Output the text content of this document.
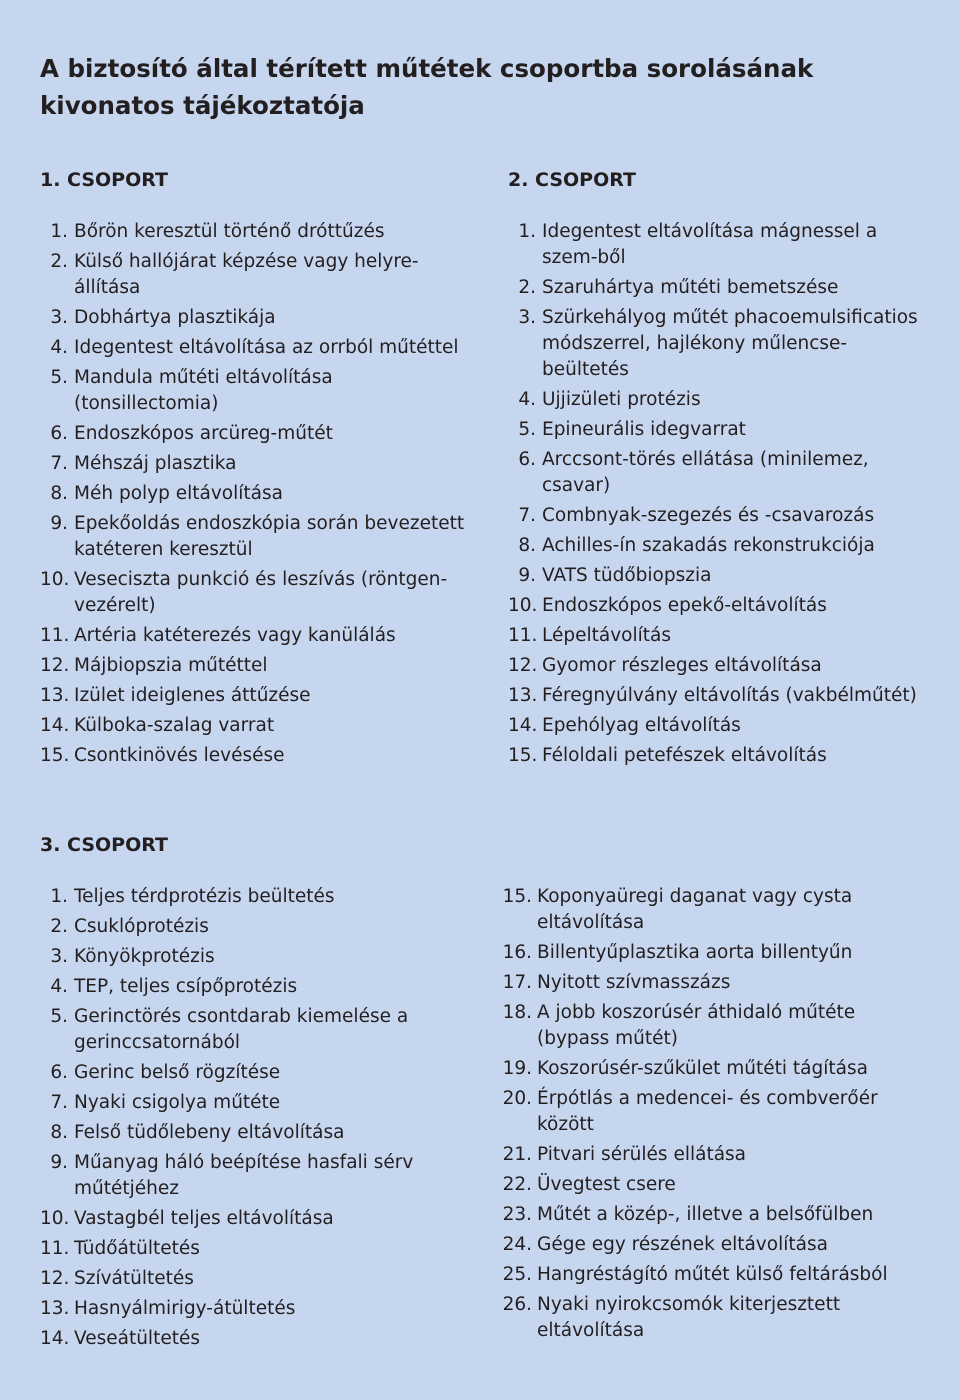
A biztosító által térített műtétek csoportba sorolásának
kivonatos tájékoztatója
1. CSOPORT
1. Bőrön keresztül történő dróttűzés
2. Külső hallójárat képzése vagy helyre-állítása
3. Dobhártya plasztikája
4. Idegentest eltávolítása az orrból műtéttel
5. Mandula műtéti eltávolítása (tonsillectomia)
6. Endoszkópos arcüreg-műtét
7. Méhszáj plasztika
8. Méh polyp eltávolítása
9. Epekőoldás endoszkópia során bevezetett katéteren keresztül
10. Veseciszta punkció és leszívás (röntgen-vezérelt)
11. Artéria katéterezés vagy kanülálás
12. Májbiopszia műtéttel
13. Izület ideiglenes áttűzése
14. Külboka-szalag varrat
15. Csontkinövés levésése
2. CSOPORT
1. Idegentest eltávolítása mágnessel a szem-ből
2. Szaruhártya műtéti bemetszése
3. Szürkehályog műtét phacoemulsificatios módszerrel, hajlékony műlencse-beültetés
4. Ujjizületi protézis
5. Epineurális idegvarrat
6. Arccsont-törés ellátása (minilemez, csavar)
7. Combnyak-szegezés és -csavarozás
8. Achilles-ín szakadás rekonstrukciója
9. VATS tüdőbiopszia
10. Endoszkópos epekő-eltávolítás
11. Lépeltávolítás
12. Gyomor részleges eltávolítása
13. Féregnyúlvány eltávolítás (vakbélműtét)
14. Epehólyag eltávolítás
15. Féloldali petefészek eltávolítás
3. CSOPORT
1. Teljes térdprotézis beültetés
2. Csuklóprotézis
3. Könyökprotézis
4. TEP, teljes csípőprotézis
5. Gerinctörés csontdarab kiemelése a gerinccsatornából
6. Gerinc belső rögzítése
7. Nyaki csigolya műtéte
8. Felső tüdőlebeny eltávolítása
9. Műanyag háló beépítése hasfali sérv műtétjéhez
10. Vastagbél teljes eltávolítása
11. Tüdőátültetés
12. Szívátültetés
13. Hasnyálmirigy-átültetés
14. Veseátültetés
15. Koponyaüregi daganat vagy cysta eltávolítása
16. Billentyűplasztika aorta billentyűn
17. Nyitott szívmasszázs
18. A jobb koszorúsér áthidaló műtéte (bypass műtét)
19. Koszorúsér-szűkület műtéti tágítása
20. Érpótlás a medencei- és combverőér között
21. Pitvari sérülés ellátása
22. Üvegtest csere
23. Műtét a közép-, illetve a belsőfülben
24. Gége egy részének eltávolítása
25. Hangréstágító műtét külső feltárásból
26. Nyaki nyirokcsomók kiterjesztett eltávolítása
